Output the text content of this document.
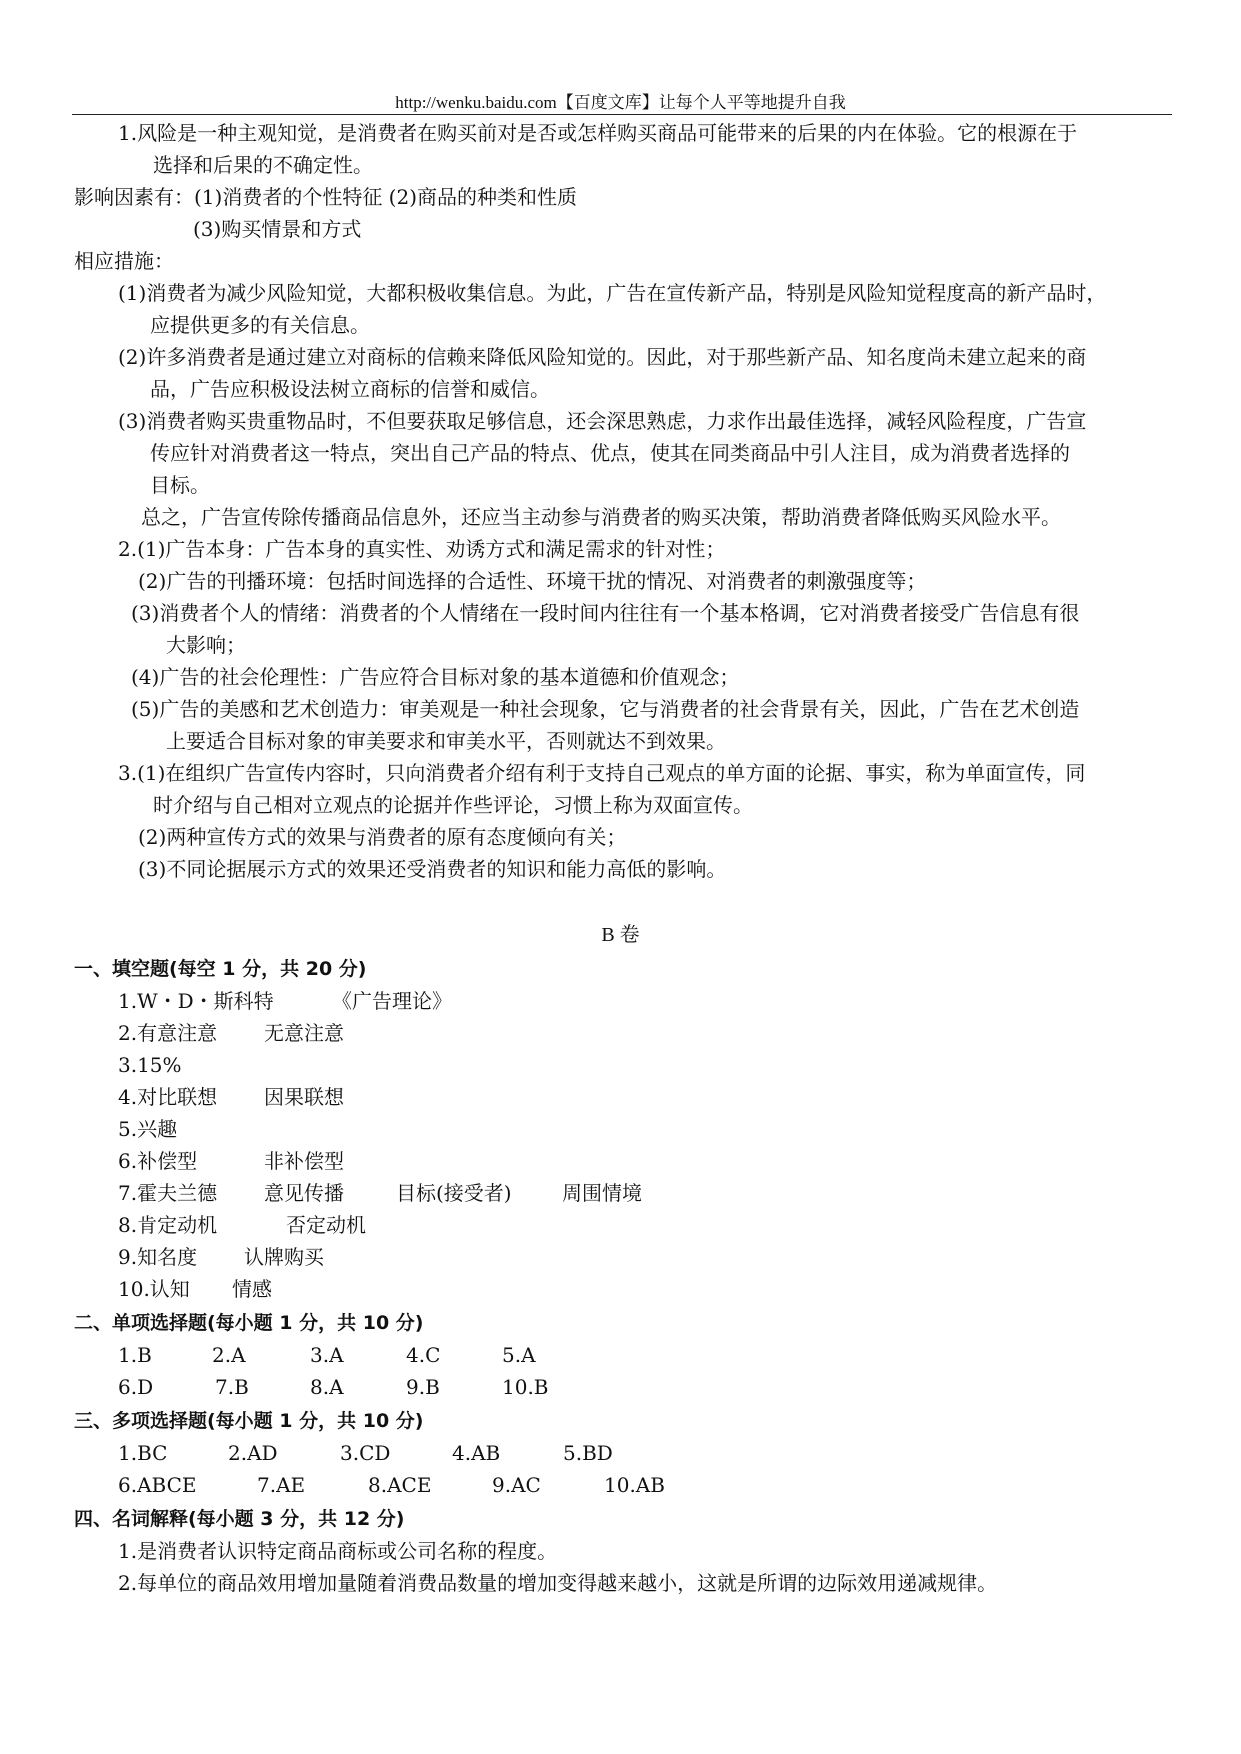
http://wenku.baidu.com【百度文库】让每个人平等地提升自我
1.风险是一种主观知觉，是消费者在购买前对是否或怎样购买商品可能带来的后果的内在体验。它的根源在于
选择和后果的不确定性。
影响因素有：(1)消费者的个性特征 (2)商品的种类和性质
(3)购买情景和方式
相应措施：
(1)消费者为减少风险知觉，大都积极收集信息。为此，广告在宣传新产品，特别是风险知觉程度高的新产品时，
应提供更多的有关信息。
(2)许多消费者是通过建立对商标的信赖来降低风险知觉的。因此，对于那些新产品、知名度尚未建立起来的商
品，广告应积极设法树立商标的信誉和威信。
(3)消费者购买贵重物品时，不但要获取足够信息，还会深思熟虑，力求作出最佳选择，减轻风险程度，广告宣
传应针对消费者这一特点，突出自己产品的特点、优点，使其在同类商品中引人注目，成为消费者选择的
目标。
总之，广告宣传除传播商品信息外，还应当主动参与消费者的购买决策，帮助消费者降低购买风险水平。
2.(1)广告本身：广告本身的真实性、劝诱方式和满足需求的针对性；
(2)广告的刊播环境：包括时间选择的合适性、环境干扰的情况、对消费者的刺激强度等；
(3)消费者个人的情绪：消费者的个人情绪在一段时间内往往有一个基本格调，它对消费者接受广告信息有很
大影响；
(4)广告的社会伦理性：广告应符合目标对象的基本道德和价值观念；
(5)广告的美感和艺术创造力：审美观是一种社会现象，它与消费者的社会背景有关，因此，广告在艺术创造
上要适合目标对象的审美要求和审美水平，否则就达不到效果。
3.(1)在组织广告宣传内容时，只向消费者介绍有利于支持自己观点的单方面的论据、事实，称为单面宣传，同
时介绍与自己相对立观点的论据并作些评论，习惯上称为双面宣传。
(2)两种宣传方式的效果与消费者的原有态度倾向有关；
(3)不同论据展示方式的效果还受消费者的知识和能力高低的影响。
B 卷
一、填空题(每空 1 分，共 20 分)
1.W・D・斯科特	《广告理论》
2.有意注意 无意注意
3.15%
4.对比联想 因果联想
5.兴趣
6.补偿型	非补偿型
7.霍夫兰德 意见传播	目标(接受者)	周围情境
8.肯定动机	否定动机
9.知名度 认牌购买
10.认知 情感
二、单项选择题(每小题 1 分，共 10 分)
1.B	2.A	3.A	4.C	5.A
6.D	7.B	8.A	9.B	10.B
三、多项选择题(每小题 1 分，共 10 分)
1.BC	2.AD	3.CD	4.AB	5.BD
6.ABCE	7.AE	8.ACE	9.AC	10.AB
四、名词解释(每小题 3 分，共 12 分)
1.是消费者认识特定商品商标或公司名称的程度。
2.每单位的商品效用增加量随着消费品数量的增加变得越来越小，这就是所谓的边际效用递减规律。
